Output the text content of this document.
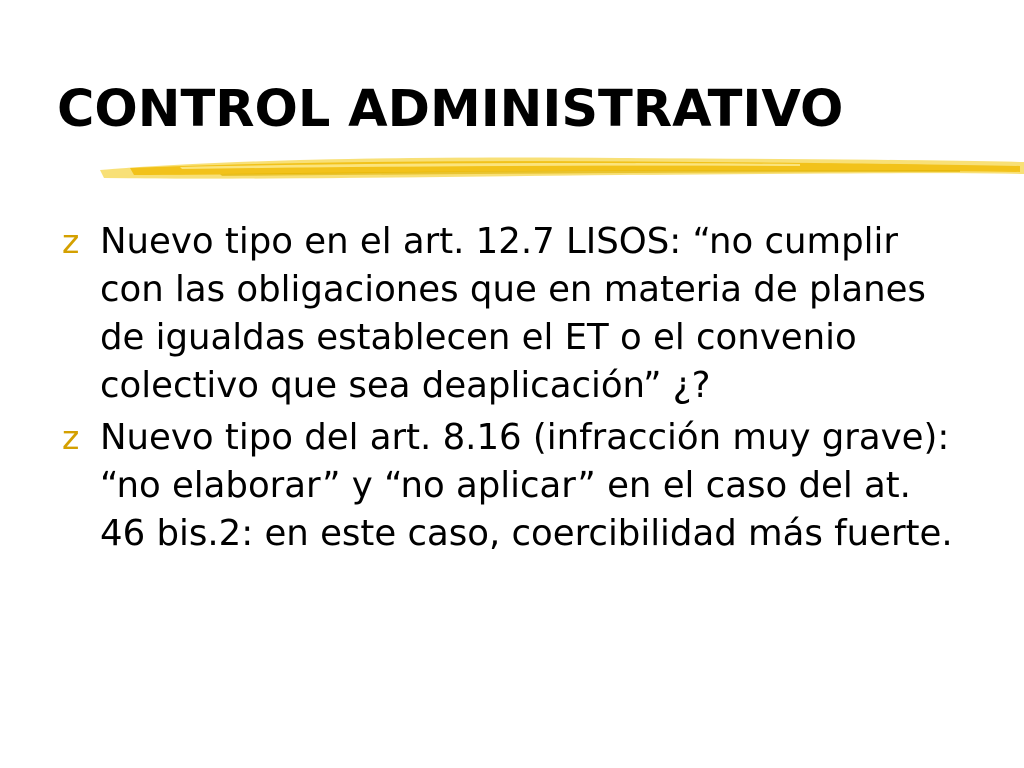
CONTROL ADMINISTRATIVO
z Nuevo tipo en el art. 12.7 LISOS: “no cumplir con las obligaciones que en materia de planes de igualdas establecen el ET o el convenio colectivo que sea deaplicación” ¿?
z Nuevo tipo del art. 8.16 (infracción muy grave): “no elaborar” y “no aplicar” en el caso del at. 46 bis.2: en este caso, coercibilidad más fuerte.
